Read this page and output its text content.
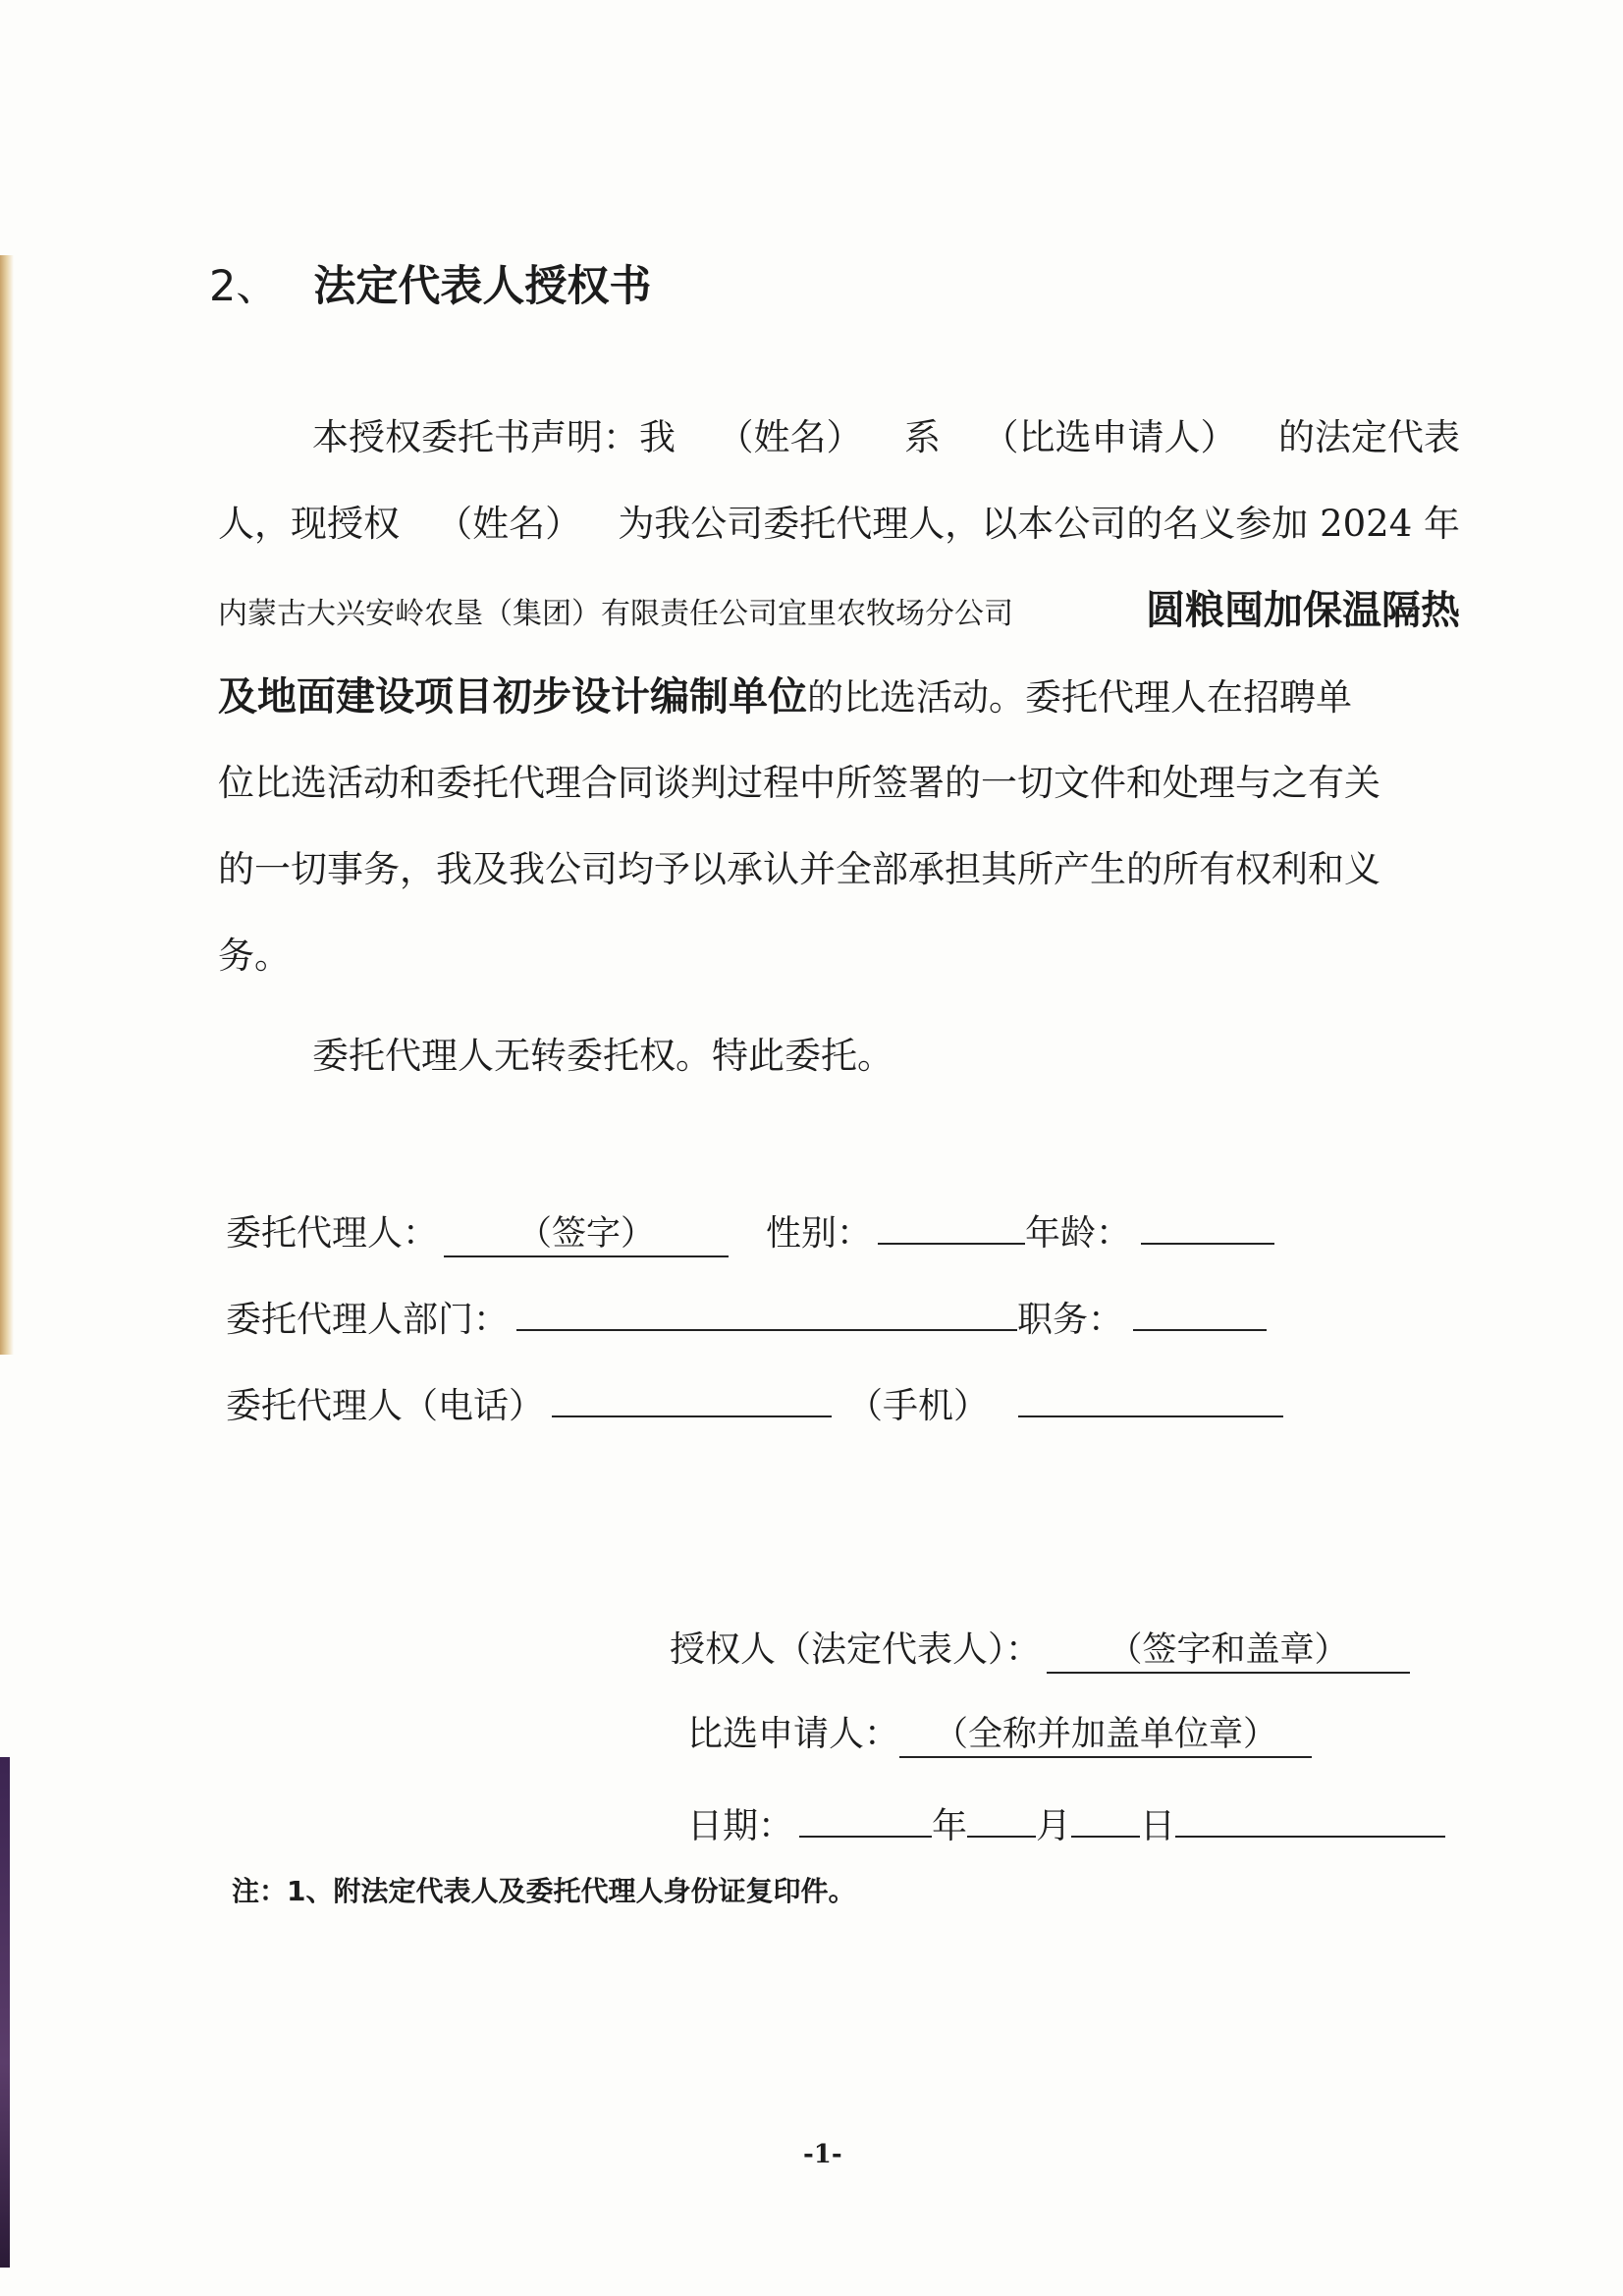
2、 法定代表人授权书
本授权委托书声明：我 （姓名） 系 （比选申请人） 的法定代表
人，现授权 （姓名） 为我公司委托代理人，以本公司的名义参加 2024 年
内蒙古大兴安岭农垦（集团）有限责任公司宜里农牧场分公司	圆粮囤加保温隔热
及地面建设项目初步设计编制单位的比选活动。委托代理人在招聘单
位比选活动和委托代理合同谈判过程中所签署的一切文件和处理与之有关
的一切事务，我及我公司均予以承认并全部承担其所产生的所有权利和义
务。
委托代理人无转委托权。特此委托。
委托代理人：	（签字）	性别：	年龄：
委托代理人部门：	职务：
委托代理人（电话）	（手机）
授权人（法定代表人）：	（签字和盖章）
比选申请人： （全称并加盖单位章）
日期：	年 月 日
注：1、附法定代表人及委托代理人身份证复印件。
-1-
